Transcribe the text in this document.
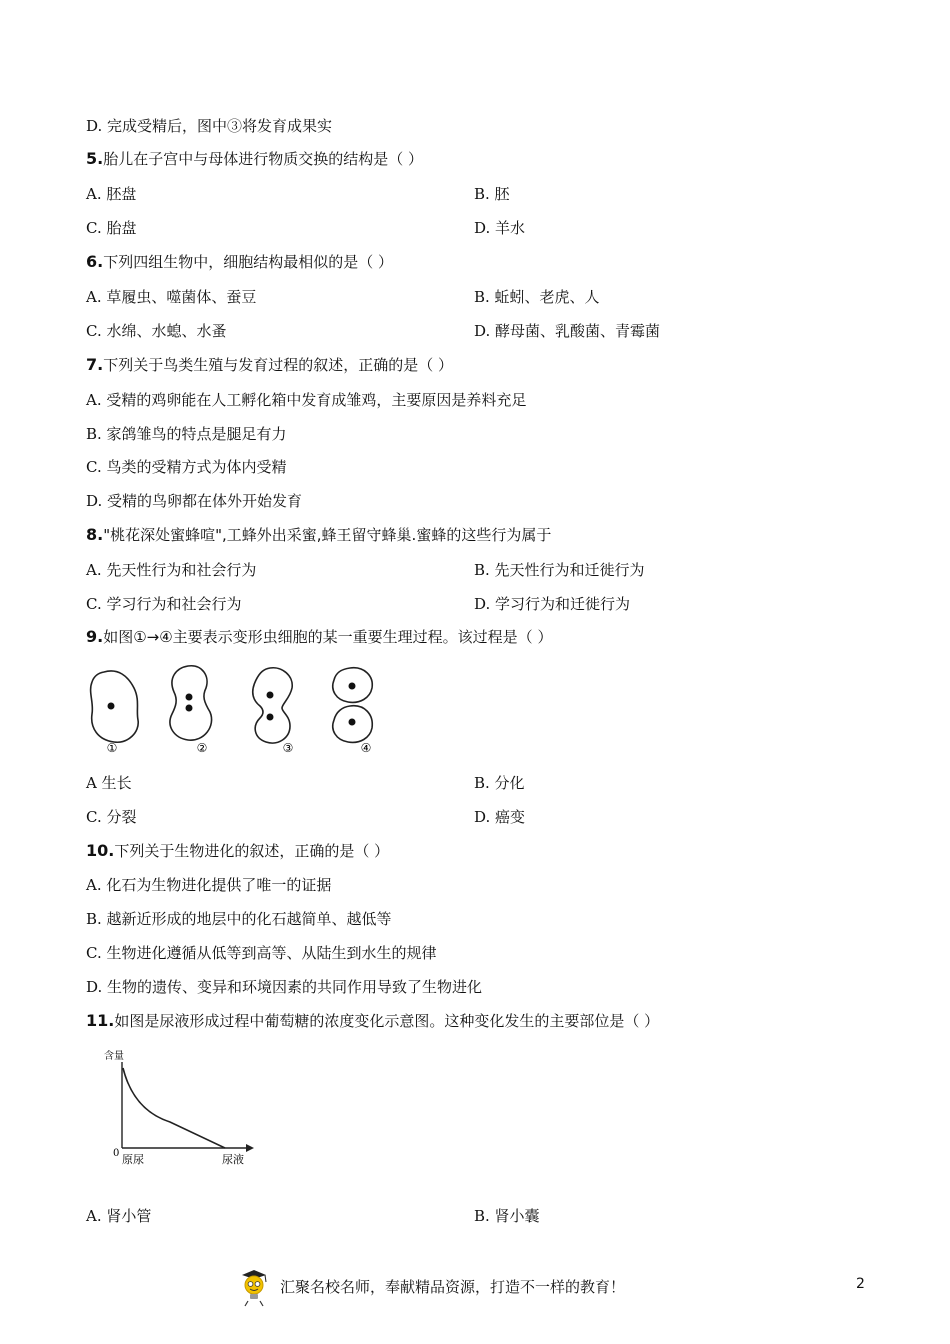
D. 完成受精后，图中③将发育成果实
5.胎儿在子宫中与母体进行物质交换的结构是（ ）
A. 胚盘	B. 胚
C. 胎盘	D. 羊水
6.下列四组生物中，细胞结构最相似的是（ ）
A. 草履虫、噬菌体、蚕豆	B. 蚯蚓、老虎、人
C. 水绵、水螅、水蚤	D. 酵母菌、乳酸菌、青霉菌
7.下列关于鸟类生殖与发育过程的叙述，正确的是（ ）
A. 受精的鸡卵能在人工孵化箱中发育成雏鸡，主要原因是养料充足
B. 家鸽雏鸟的特点是腿足有力
C. 鸟类的受精方式为体内受精
D. 受精的鸟卵都在体外开始发育
8."桃花深处蜜蜂喧",工蜂外出采蜜,蜂王留守蜂巢.蜜蜂的这些行为属于
A. 先天性行为和社会行为	B. 先天性行为和迁徙行为
C. 学习行为和社会行为	D. 学习行为和迁徙行为
9.如图①→④主要表示变形虫细胞的某一重要生理过程。该过程是（ ）
①	②	③	④
A 生长	B. 分化
C. 分裂	D. 癌变
10.下列关于生物进化的叙述，正确的是（ ）
A. 化石为生物进化提供了唯一的证据
B. 越新近形成的地层中的化石越简单、越低等
C. 生物进化遵循从低等到高等、从陆生到水生的规律
D. 生物的遗传、变异和环境因素的共同作用导致了生物进化
11.如图是尿液形成过程中葡萄糖的浓度变化示意图。这种变化发生的主要部位是（ ）
含量
0 原尿	尿液
A. 肾小管	B. 肾小囊
汇聚名校名师，奉献精品资源，打造不一样的教育！	2
